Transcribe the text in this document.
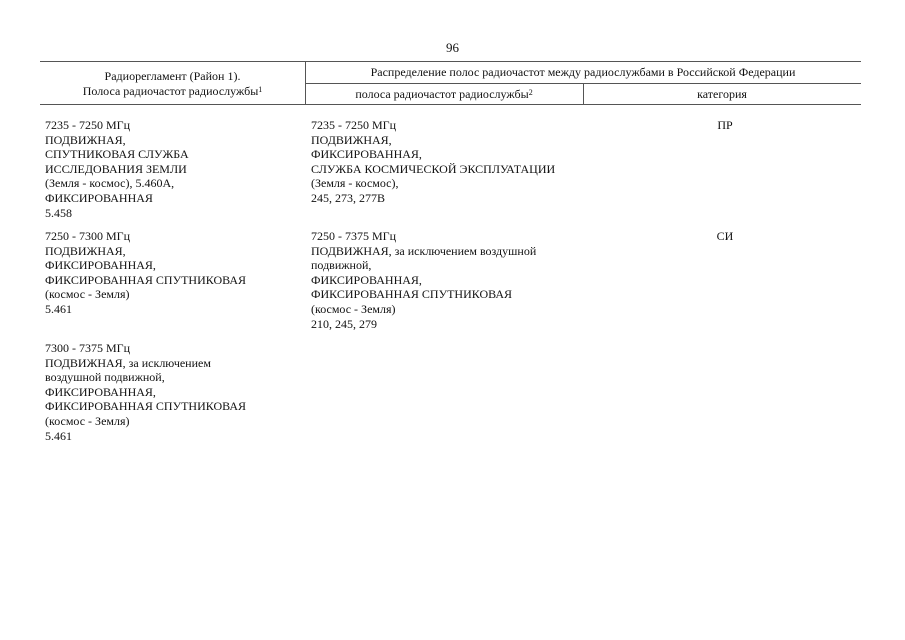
96
Радиорегламент (Район 1).
Полоса радиочастот радиослужбы$^1$
Распределение полос радиочастот между радиослужбами в Российской Федерации
полоса радиочастот радиослужбы$^2$	категория
7235 - 7250 МГц
ПОДВИЖНАЯ,
СПУТНИКОВАЯ СЛУЖБА
ИССЛЕДОВАНИЯ ЗЕМЛИ
(Земля - космос), 5.460А,
ФИКСИРОВАННАЯ
5.458
7235 - 7250 МГц
ПОДВИЖНАЯ,
ФИКСИРОВАННАЯ,
СЛУЖБА КОСМИЧЕСКОЙ ЭКСПЛУАТАЦИИ
(Земля - космос),
245, 273, 277В
ПР
7250 - 7300 МГц
ПОДВИЖНАЯ,
ФИКСИРОВАННАЯ,
ФИКСИРОВАННАЯ СПУТНИКОВАЯ
(космос - Земля)
5.461
7250 - 7375 МГц
ПОДВИЖНАЯ, за исключением воздушной
подвижной,
ФИКСИРОВАННАЯ,
ФИКСИРОВАННАЯ СПУТНИКОВАЯ
(космос - Земля)
210, 245, 279
СИ
7300 - 7375 МГц
ПОДВИЖНАЯ, за исключением
воздушной подвижной,
ФИКСИРОВАННАЯ,
ФИКСИРОВАННАЯ СПУТНИКОВАЯ
(космос - Земля)
5.461
